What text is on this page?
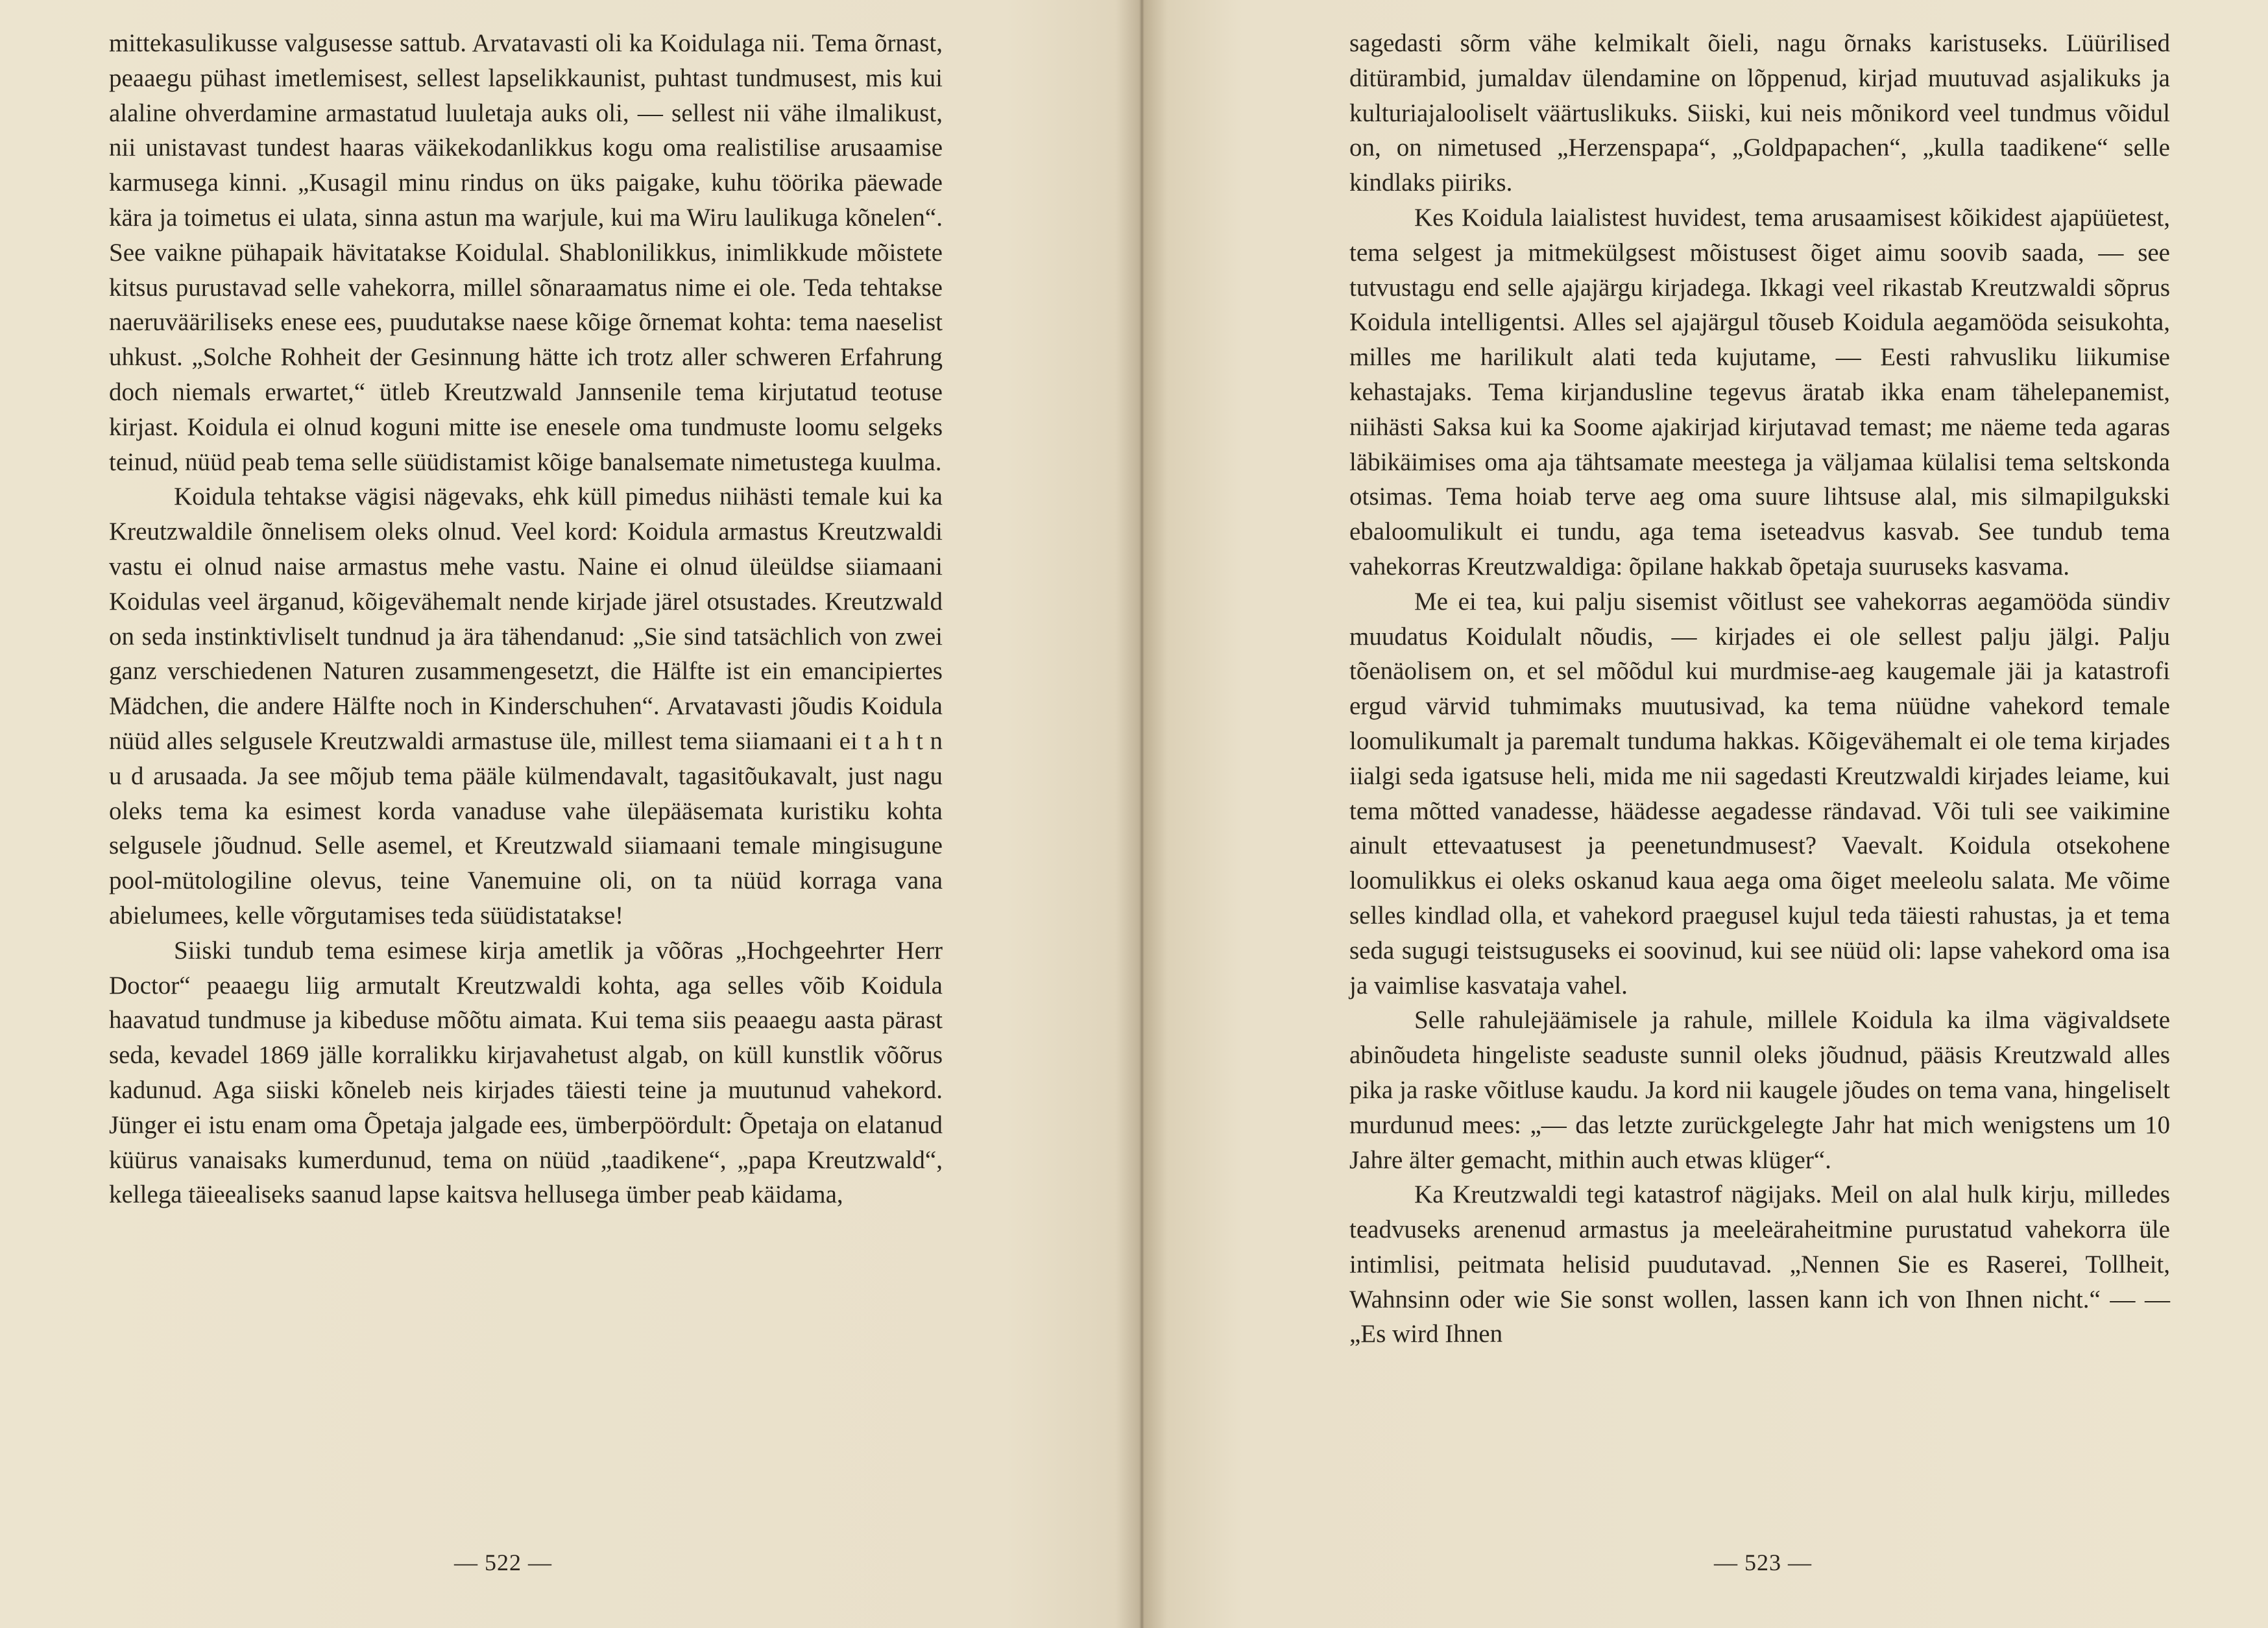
mittekasulikusse valgusesse sattub. Arvatavasti oli ka Koidulaga nii. Tema õrnast, peaaegu pühast imetlemisest, sellest lapselikkaunist, puhtast tundmusest, mis kui alaline ohverdamine armastatud luuletaja auks oli, — sellest nii vähe ilmalikust, nii unistavast tundest haaras väikekodanlikkus kogu oma realistilise arusaamise karmusega kinni. „Kusagil minu rindus on üks paigake, kuhu töörika päewade kära ja toimetus ei ulata, sinna astun ma warjule, kui ma Wiru laulikuga kõnelen“. See vaikne pühapaik hävitatakse Koidulal. Shablonilikkus, inimlikkude mõistete kitsus purustavad selle vahekorra, millel sõnaraamatus nime ei ole. Teda tehtakse naeruvääriliseks enese ees, puudutakse naese kõige õrnemat kohta: tema naeselist uhkust. „Solche Rohheit der Gesinnung hätte ich trotz aller schweren Erfahrung doch niemals erwartet,“ ütleb Kreutzwald Jannsenile tema kirjutatud teotuse kirjast. Koidula ei olnud koguni mitte ise enesele oma tundmuste loomu selgeks teinud, nüüd peab tema selle süüdistamist kõige banalsemate nimetustega kuulma.

Koidula tehtakse vägisi nägevaks, ehk küll pimedus niihästi temale kui ka Kreutzwaldile õnnelisem oleks olnud. Veel kord: Koidula armastus Kreutzwaldi vastu ei olnud naise armastus mehe vastu. Naine ei olnud üleüldse siiamaani Koidulas veel ärganud, kõigevähemalt nende kirjade järel otsustades. Kreutzwald on seda instinktivliselt tundnud ja ära tähendanud: „Sie sind tatsächlich von zwei ganz verschiedenen Naturen zusammengesetzt, die Hälfte ist ein emancipiertes Mädchen, die andere Hälfte noch in Kinderschuhen“. Arvatavasti jõudis Koidula nüüd alles selgusele Kreutzwaldi armastuse üle, millest tema siiamaani ei t a h t n u d arusaada. Ja see mõjub tema pääle külmendavalt, tagasitõukavalt, just nagu oleks tema ka esimest korda vanaduse vahe ülepääsemata kuristiku kohta selgusele jõudnud. Selle asemel, et Kreutzwald siiamaani temale mingisugune pool-mütologiline olevus, teine Vanemuine oli, on ta nüüd korraga vana abielumees, kelle võrgutamises teda süüdistatakse!

Siiski tundub tema esimese kirja ametlik ja võõras „Hochgeehrter Herr Doctor“ peaaegu liig armutalt Kreutzwaldi kohta, aga selles võib Koidula haavatud tundmuse ja kibeduse mõõtu aimata. Kui tema siis peaaegu aasta pärast seda, kevadel 1869 jälle korralikku kirjavahetust algab, on küll kunstlik võõrus kadunud. Aga siiski kõneleb neis kirjades täiesti teine ja muutunud vahekord. Jünger ei istu enam oma Õpetaja jalgade ees, ümberpöördult: Õpetaja on elatanud küürus vanaisaks kumerdunud, tema on nüüd „taadikene“, „papa Kreutzwald“, kellega täieealiseks saanud lapse kaitsva hellusega ümber peab käidama,

— 522 —

sagedasti sõrm vähe kelmikalt õieli, nagu õrnaks karistuseks. Lüürilised ditürambid, jumaldav ülendamine on lõppenud, kirjad muutuvad asjalikuks ja kulturiajalooliselt väärtuslikuks. Siiski, kui neis mõnikord veel tundmus võidul on, on nimetused „Herzenspapa“, „Goldpapachen“, „kulla taadikene“ selle kindlaks piiriks.

Kes Koidula laialistest huvidest, tema arusaamisest kõikidest ajapüüetest, tema selgest ja mitmekülgsest mõistusest õiget aimu soovib saada, — see tutvustagu end selle ajajärgu kirjadega. Ikkagi veel rikastab Kreutzwaldi sõprus Koidula intelligentsi. Alles sel ajajärgul tõuseb Koidula aegamööda seisukohta, milles me harilikult alati teda kujutame, — Eesti rahvusliku liikumise kehastajaks. Tema kirjandusline tegevus äratab ikka enam tähelepanemist, niihästi Saksa kui ka Soome ajakirjad kirjutavad temast; me näeme teda agaras läbikäimises oma aja tähtsamate meestega ja väljamaa külalisi tema seltskonda otsimas. Tema hoiab terve aeg oma suure lihtsuse alal, mis silmapilgukski ebaloomulikult ei tundu, aga tema iseteadvus kasvab. See tundub tema vahekorras Kreutzwaldiga: õpilane hakkab õpetaja suuruseks kasvama.

Me ei tea, kui palju sisemist võitlust see vahekorras aegamööda sündiv muudatus Koidulalt nõudis, — kirjades ei ole sellest palju jälgi. Palju tõenäolisem on, et sel mõõdul kui murdmise-aeg kaugemale jäi ja katastrofi ergud värvid tuhmimaks muutusivad, ka tema nüüdne vahekord temale loomulikumalt ja paremalt tunduma hakkas. Kõigevähemalt ei ole tema kirjades iialgi seda igatsuse heli, mida me nii sagedasti Kreutzwaldi kirjades leiame, kui tema mõtted vanadesse, häädesse aegadesse rändavad. Või tuli see vaikimine ainult ettevaatusest ja peenetundmusest? Vaevalt. Koidula otsekohene loomulikkus ei oleks oskanud kaua aega oma õiget meeleolu salata. Me võime selles kindlad olla, et vahekord praegusel kujul teda täiesti rahustas, ja et tema seda sugugi teistsuguseks ei soovinud, kui see nüüd oli: lapse vahekord oma isa ja vaimlise kasvataja vahel.

Selle rahulejäämisele ja rahule, millele Koidula ka ilma vägivaldsete abinõudeta hingeliste seaduste sunnil oleks jõudnud, pääsis Kreutzwald alles pika ja raske võitluse kaudu. Ja kord nii kaugele jõudes on tema vana, hingeliselt murdunud mees: „— das letzte zurückgelegte Jahr hat mich wenigstens um 10 Jahre älter gemacht, mithin auch etwas klüger“.

Ka Kreutzwaldi tegi katastrof nägijaks. Meil on alal hulk kirju, milledes teadvuseks arenenud armastus ja meeleäraheitmine purustatud vahekorra üle intimlisi, peitmata helisid puudutavad. „Nennen Sie es Raserei, Tollheit, Wahnsinn oder wie Sie sonst wollen, lassen kann ich von Ihnen nicht.“ — — „Es wird Ihnen

— 523 —
